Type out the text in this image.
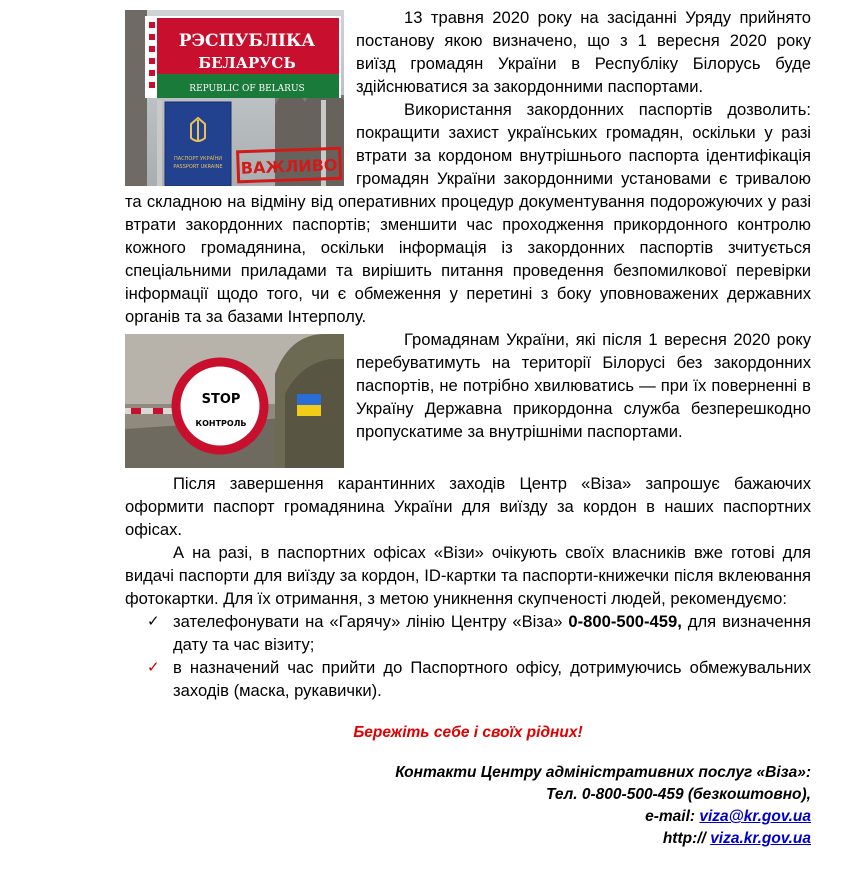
РЭСПУБЛІКА
БЕЛАРУСЬ
REPUBLIC OF BELARUS
ПАСПОРТ УКРАЇНИ
PASSPORT UKRAINE ВАЖЛИВО

13 травня 2020 року на засіданні Уряду прийнято постанову якою визначено, що з 1 вересня 2020 року виїзд громадян України в Республіку Білорусь буде здійснюватися за закордонними паспортами.

Використання закордонних паспортів дозволить: покращити захист українських громадян, оскільки у разі втрати за кордоном внутрішнього паспорта ідентифікація громадян України закордонними установами є тривалою та складною на відміну від оперативних процедур документування подорожуючих у разі втрати закордонних паспортів; зменшити час проходження прикордонного контролю кожного громадянина, оскільки інформація із закордонних паспортів зчитується спеціальними приладами та вирішить питання проведення безпомилкової перевірки інформації щодо того, чи є обмеження у перетині з боку уповноважених державних органів та за базами Інтерполу.

STOP
КОНТРОЛЬ

Громадянам України, які після 1 вересня 2020 року перебуватимуть на території Білорусі без закордонних паспортів, не потрібно хвилюватись — при їх поверненні в Україну Державна прикордонна служба безперешкодно пропускатиме за внутрішніми паспортами.

Після завершення карантинних заходів Центр «Віза» запрошує бажаючих оформити паспорт громадянина України для виїзду за кордон в наших паспортних офісах.

А на разі, в паспортних офісах «Візи» очікують своїх власників вже готові для видачі паспорти для виїзду за кордон, ID-картки та паспорти-книжечки після вклеювання фотокартки. Для їх отримання, з метою уникнення скупченості людей, рекомендуємо:

✓ зателефонувати на «Гарячу» лінію Центру «Віза» 0-800-500-459, для визначення дату та час візиту;
✓ в назначений час прийти до Паспортного офісу, дотримуючись обмежувальних заходів (маска, рукавички).
Бережіть себе і своїх рідних!
Контакти Центру адміністративних послуг «Віза»:
Тел. 0-800-500-459 (безкоштовно),
e-mail: viza@kr.gov.ua
http:// viza.kr.gov.ua
